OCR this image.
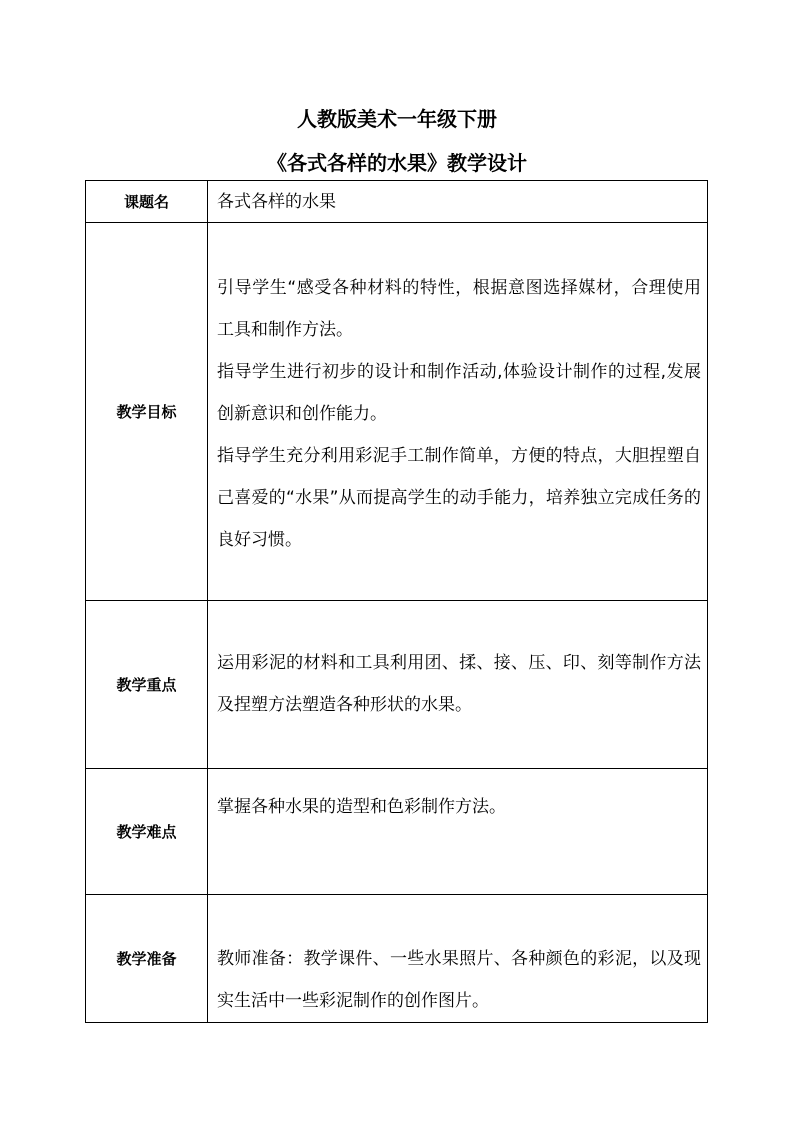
人教版美术一年级下册
《各式各样的水果》教学设计
课题名	各式各样的水果

教学目标	引导学生“感受各种材料的特性，根据意图选择媒材，合理使用工具和制作方法。

指导学生进行初步的设计和制作活动,体验设计制作的过程,发展创新意识和创作能力。

指导学生充分利用彩泥手工制作简单，方便的特点，大胆捏塑自己喜爱的“水果”从而提高学生的动手能力，培养独立完成任务的良好习惯。

教学重点	运用彩泥的材料和工具利用团、揉、接、压、印、刻等制作方法及捏塑方法塑造各种形状的水果。

教学难点	掌握各种水果的造型和色彩制作方法。

教学准备	教师准备：教学课件、一些水果照片、各种颜色的彩泥，以及现实生活中一些彩泥制作的创作图片。
